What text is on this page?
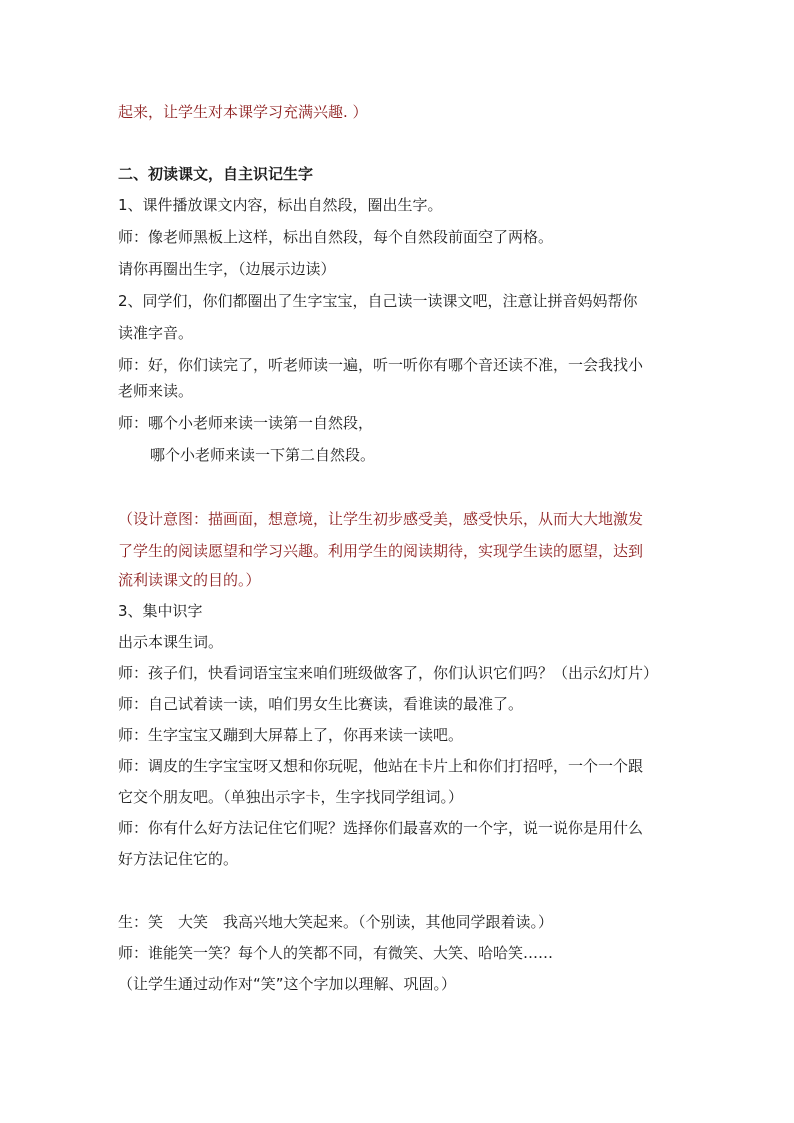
起来，让学生对本课学习充满兴趣. ）
二、初读课文，自主识记生字
1、课件播放课文内容，标出自然段，圈出生字。
师：像老师黑板上这样，标出自然段，每个自然段前面空了两格。
请你再圈出生字，（边展示边读）
2、同学们，你们都圈出了生字宝宝，自己读一读课文吧，注意让拼音妈妈帮你
读准字音。
师：好，你们读完了，听老师读一遍，听一听你有哪个音还读不准，一会我找小
老师来读。
师：哪个小老师来读一读第一自然段，
哪个小老师来读一下第二自然段。
（设计意图：描画面，想意境，让学生初步感受美，感受快乐，从而大大地激发
了学生的阅读愿望和学习兴趣。利用学生的阅读期待，实现学生读的愿望，达到
流利读课文的目的。）
3、集中识字
出示本课生词。
师：孩子们，快看词语宝宝来咱们班级做客了，你们认识它们吗？（出示幻灯片）
师：自己试着读一读，咱们男女生比赛读，看谁读的最准了。
师：生字宝宝又蹦到大屏幕上了，你再来读一读吧。
师：调皮的生字宝宝呀又想和你玩呢，他站在卡片上和你们打招呼，一个一个跟
它交个朋友吧。（单独出示字卡，生字找同学组词。）
师：你有什么好方法记住它们呢？选择你们最喜欢的一个字，说一说你是用什么
好方法记住它的。
生：笑　大笑　我高兴地大笑起来。（个别读，其他同学跟着读。）
师：谁能笑一笑？每个人的笑都不同，有微笑、大笑、哈哈笑……
（让学生通过动作对“笑”这个字加以理解、巩固。）
